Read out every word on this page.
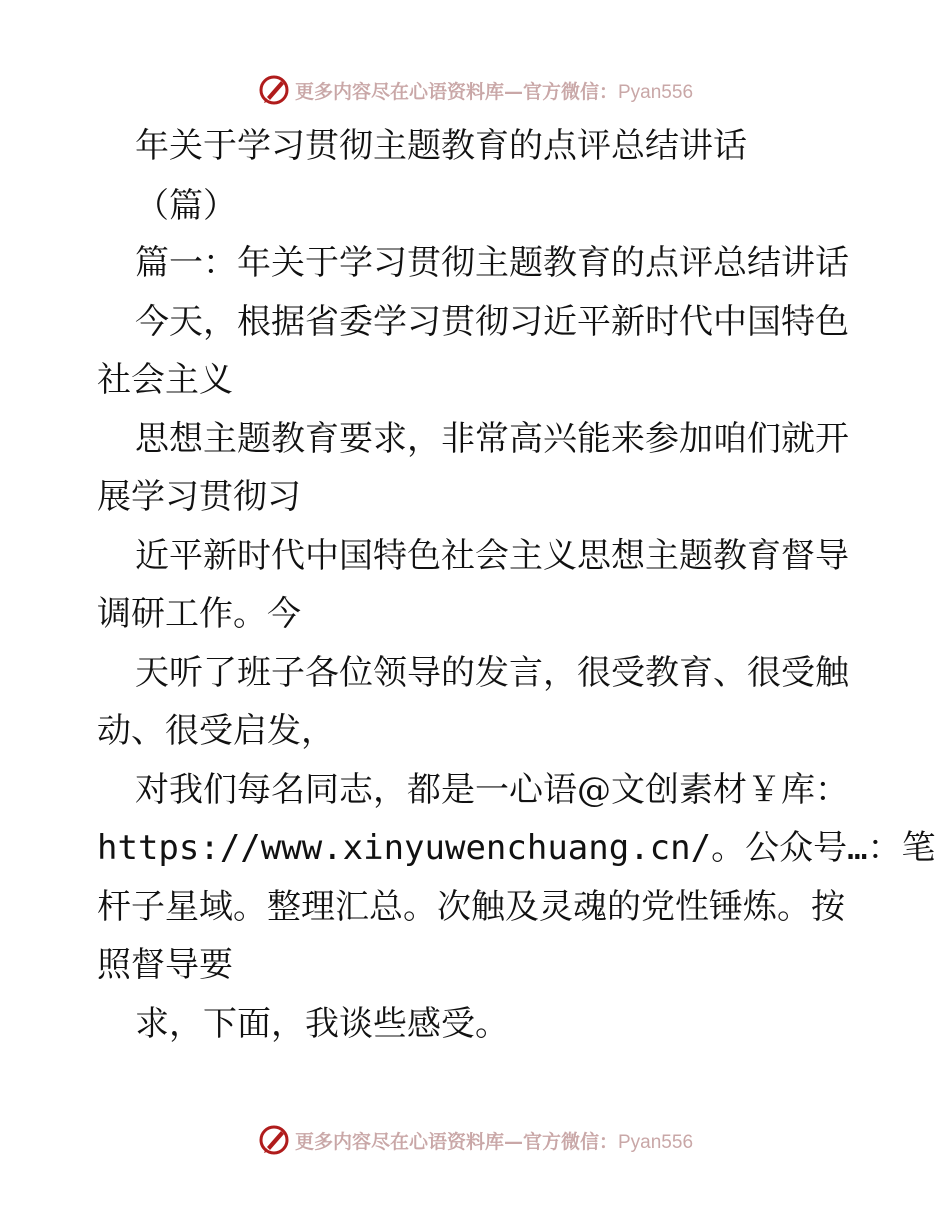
更多内容尽在心语资料库—官方微信：Pyan556
年关于学习贯彻主题教育的点评总结讲话
（篇）
篇一：年关于学习贯彻主题教育的点评总结讲话
今天，根据省委学习贯彻习近平新时代中国特色
社会主义
思想主题教育要求，非常高兴能来参加咱们就开
展学习贯彻习
近平新时代中国特色社会主义思想主题教育督导
调研工作。今
天听了班子各位领导的发言，很受教育、很受触
动、很受启发，
对我们每名同志，都是一心语@文创素材￥库：
https://www.xinyuwenchuang.cn/。公众号…：笔
杆子星域。整理汇总。次触及灵魂的党性锤炼。按
照督导要
求，下面，我谈些感受。
更多内容尽在心语资料库—官方微信：Pyan556
